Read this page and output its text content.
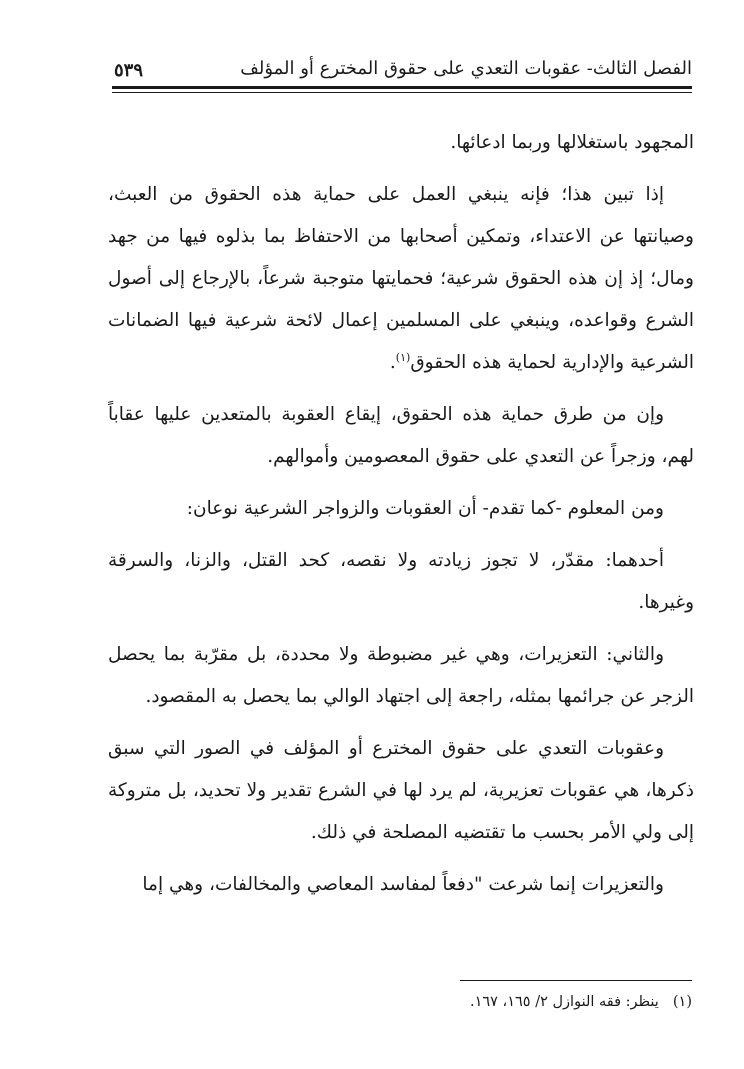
الفصل الثالث- عقوبات التعدي على حقوق المخترع أو المؤلف
٥٣٩

المجهود باستغلالها وربما ادعائها.

إذا تبين هذا؛ فإنه ينبغي العمل على حماية هذه الحقوق من العبث، وصيانتها عن الاعتداء، وتمكين أصحابها من الاحتفاظ بما بذلوه فيها من جهد ومال؛ إذ إن هذه الحقوق شرعية؛ فحمايتها متوجبة شرعاً، بالإرجاع إلى أصول الشرع وقواعده، وينبغي على المسلمين إعمال لائحة شرعية فيها الضمانات الشرعية والإدارية لحماية هذه الحقوق$^{(١)}$.

وإن من طرق حماية هذه الحقوق، إيقاع العقوبة بالمتعدين عليها عقاباً لهم، وزجراً عن التعدي على حقوق المعصومين وأموالهم.

ومن المعلوم -كما تقدم- أن العقوبات والزواجر الشرعية نوعان:

أحدهما: مقدّر، لا تجوز زيادته ولا نقصه، كحد القتل، والزنا، والسرقة وغيرها.

والثاني: التعزيرات، وهي غير مضبوطة ولا محددة، بل مقرّبة بما يحصل الزجر عن جرائمها بمثله، راجعة إلى اجتهاد الوالي بما يحصل به المقصود.

وعقوبات التعدي على حقوق المخترع أو المؤلف في الصور التي سبق ذكرها، هي عقوبات تعزيرية، لم يرد لها في الشرع تقدير ولا تحديد، بل متروكة إلى ولي الأمر بحسب ما تقتضيه المصلحة في ذلك.

والتعزيرات إنما شرعت "دفعاً لمفاسد المعاصي والمخالفات، وهي إما

(١)ينظر: فقه النوازل ٢/ ١٦٥، ١٦٧.
